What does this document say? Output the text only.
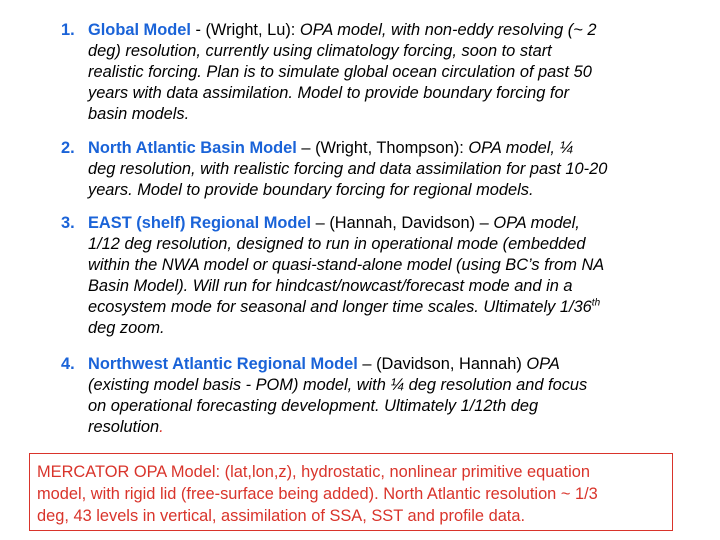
1. Global Model - (Wright, Lu): OPA model, with non-eddy resolving (~ 2
deg) resolution, currently using climatology forcing, soon to start
realistic forcing. Plan is to simulate global ocean circulation of past 50
years with data assimilation. Model to provide boundary forcing for
basin models.
2. North Atlantic Basin Model – (Wright, Thompson): OPA model, ¼
deg resolution, with realistic forcing and data assimilation for past 10-20
years. Model to provide boundary forcing for regional models.
3. EAST (shelf) Regional Model – (Hannah, Davidson) – OPA model,
1/12 deg resolution, designed to run in operational mode (embedded
within the NWA model or quasi-stand-alone model (using BC’s from NA
Basin Model). Will run for hindcast/nowcast/forecast mode and in a
ecosystem mode for seasonal and longer time scales. Ultimately 1/36th
deg zoom.
4. Northwest Atlantic Regional Model – (Davidson, Hannah) OPA
(existing model basis - POM) model, with ¼ deg resolution and focus
on operational forecasting development. Ultimately 1/12th deg
resolution.
MERCATOR OPA Model: (lat,lon,z), hydrostatic, nonlinear primitive equation
model, with rigid lid (free-surface being added). North Atlantic resolution ~ 1/3
deg, 43 levels in vertical, assimilation of SSA, SST and profile data.
